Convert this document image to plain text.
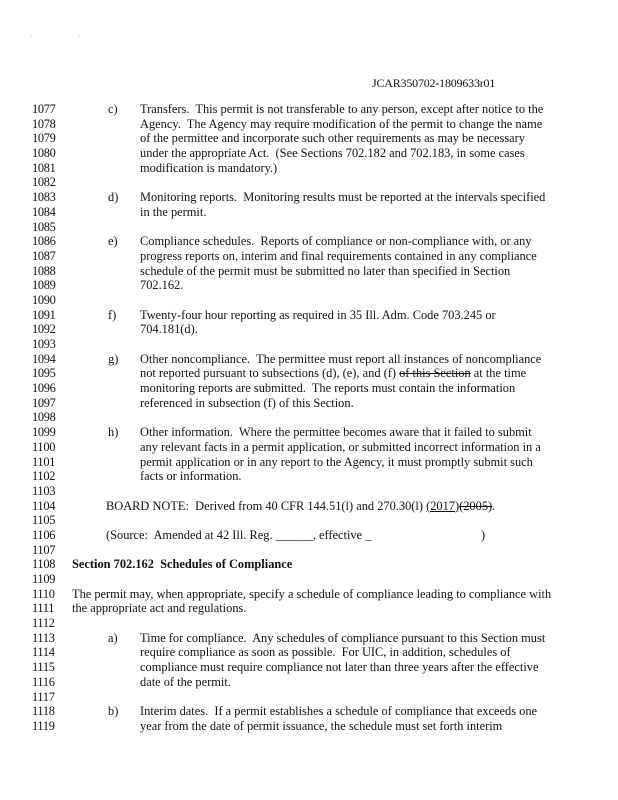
. .
JCAR350702-1809633r01
1077	c)	Transfers.  This permit is not transferable to any person, except after notice to the
1078	Agency.  The Agency may require modification of the permit to change the name
1079	of the permittee and incorporate such other requirements as may be necessary
1080	under the appropriate Act.  (See Sections 702.182 and 702.183, in some cases
1081	modification is mandatory.)
1082
1083	d)	Monitoring reports.  Monitoring results must be reported at the intervals specified
1084	in the permit.
1085
1086	e)	Compliance schedules.  Reports of compliance or non-compliance with, or any
1087	progress reports on, interim and final requirements contained in any compliance
1088	schedule of the permit must be submitted no later than specified in Section
1089	702.162.
1090
1091	f)	Twenty-four hour reporting as required in 35 Ill. Adm. Code 703.245 or
1092	704.181(d).
1093
1094	g)	Other noncompliance.  The permittee must report all instances of noncompliance
1095	not reported pursuant to subsections (d), (e), and (f) of this Section at the time
1096	monitoring reports are submitted.  The reports must contain the information
1097	referenced in subsection (f) of this Section.
1098
1099	h)	Other information.  Where the permittee becomes aware that it failed to submit
1100	any relevant facts in a permit application, or submitted incorrect information in a
1101	permit application or in any report to the Agency, it must promptly submit such
1102	facts or information.
1103
1104	BOARD NOTE:  Derived from 40 CFR 144.51(l) and 270.30(l) (2017)(2005).
1105
1106	(Source:  Amended at 42 Ill. Reg. ______, effective _	)
1107
1108	Section 702.162  Schedules of Compliance
1109
1110	The permit may, when appropriate, specify a schedule of compliance leading to compliance with
1111	the appropriate act and regulations.
1112
1113	a)	Time for compliance.  Any schedules of compliance pursuant to this Section must
1114	require compliance as soon as possible.  For UIC, in addition, schedules of
1115	compliance must require compliance not later than three years after the effective
1116	date of the permit.
1117
1118	b)	Interim dates.  If a permit establishes a schedule of compliance that exceeds one
1119	year from the date of permit issuance, the schedule must set forth interim
